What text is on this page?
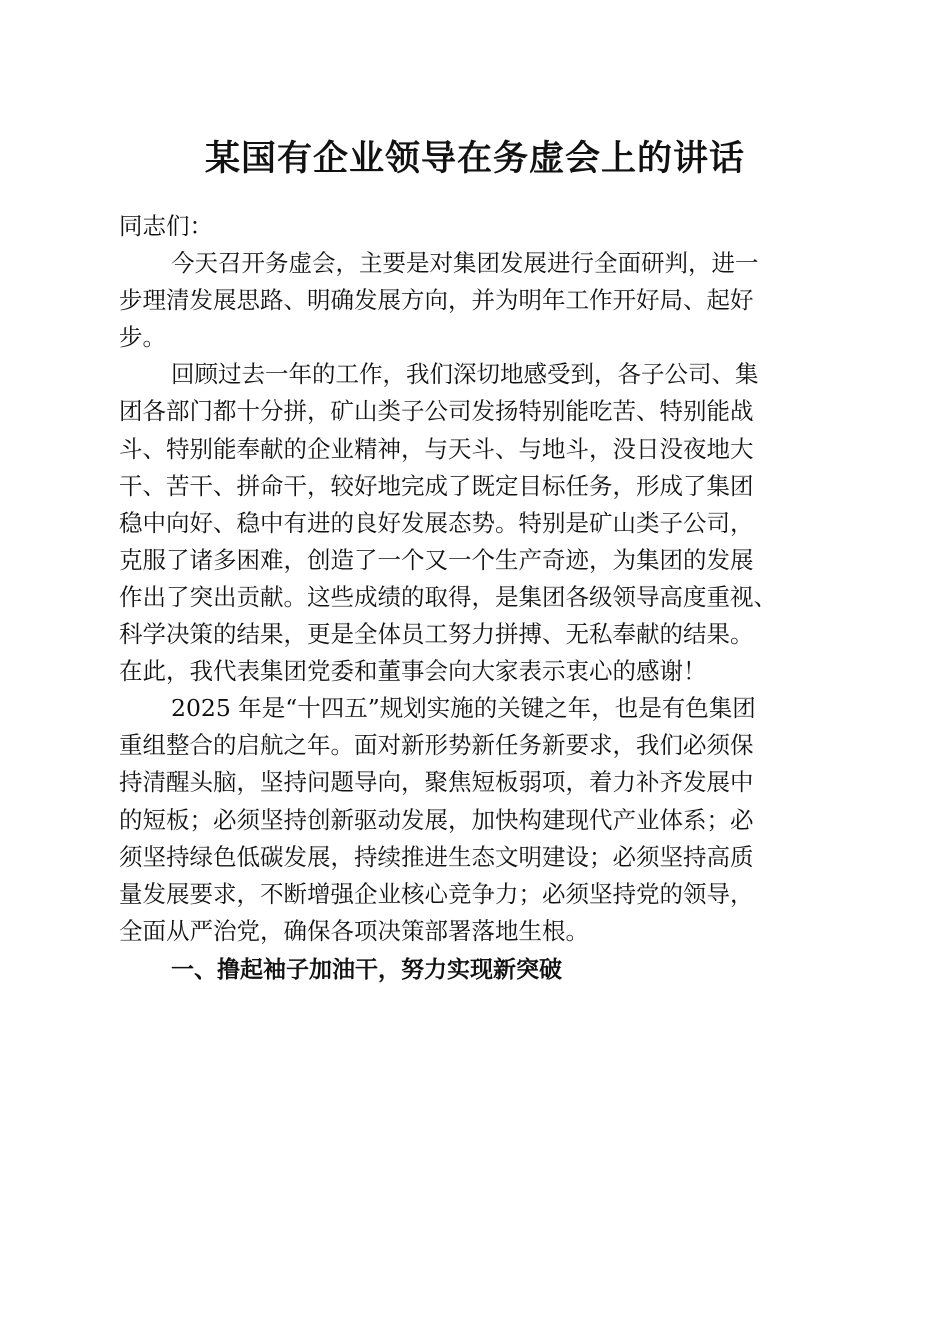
某国有企业领导在务虚会上的讲话
同志们：
今天召开务虚会，主要是对集团发展进行全面研判，进一
步理清发展思路、明确发展方向，并为明年工作开好局、起好
步。
回顾过去一年的工作，我们深切地感受到，各子公司、集
团各部门都十分拼，矿山类子公司发扬特别能吃苦、特别能战
斗、特别能奉献的企业精神，与天斗、与地斗，没日没夜地大
干、苦干、拼命干，较好地完成了既定目标任务，形成了集团
稳中向好、稳中有进的良好发展态势。特别是矿山类子公司，
克服了诸多困难，创造了一个又一个生产奇迹，为集团的发展
作出了突出贡献。这些成绩的取得，是集团各级领导高度重视、
科学决策的结果，更是全体员工努力拼搏、无私奉献的结果。
在此，我代表集团党委和董事会向大家表示衷心的感谢！
2025 年是“十四五”规划实施的关键之年，也是有色集团
重组整合的启航之年。面对新形势新任务新要求，我们必须保
持清醒头脑，坚持问题导向，聚焦短板弱项，着力补齐发展中
的短板；必须坚持创新驱动发展，加快构建现代产业体系；必
须坚持绿色低碳发展，持续推进生态文明建设；必须坚持高质
量发展要求，不断增强企业核心竞争力；必须坚持党的领导，
全面从严治党，确保各项决策部署落地生根。
一、撸起袖子加油干，努力实现新突破
